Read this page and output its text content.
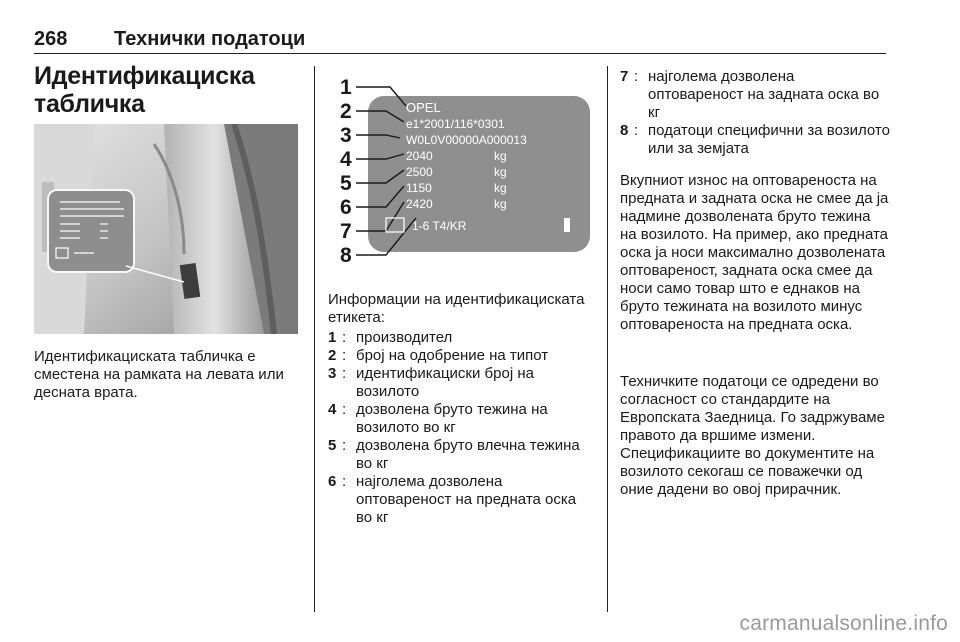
268 Технички податоци
Идентификациска табличка

Идентификациската табличка е сместена на рамката на левата или десната врата.

1
2
3
4
5
6
7
8
OPEL
e1*2001/116*0301
W0L0V00000A000013
2040
2500
1150
2420
kg
kg
kg
kg
1-6 T4/KR

Информации на идентификациската етикета:

1 : производител
2 : број на одобрение на типот
3 : идентификациски број на возилото
4 : дозволена бруто тежина на возилото во кг
5 : дозволена бруто влечна тежина во кг
6 : најголема дозволена оптовареност на предната оска во кг
7 : најголема дозволена оптовареност на задната оска во кг
8 : податоци специфични за возилото или за земјата

Вкупниот износ на оптовареноста на предната и задната оска не смее да ја надмине дозволената бруто тежина на возилото. На пример, ако предната оска ја носи максимално дозволената оптовареност, задната оска смее да носи само товар што е еднаков на бруто тежината на возилото минус оптовареноста на предната оска.

Техничките податоци се одредени во согласност со стандардите на Европската Заедница. Го задржуваме правото да вршиме измени. Спецификациите во документите на возилото секогаш се поважечки од оние дадени во овој прирачник.

carmanualsonline.info
